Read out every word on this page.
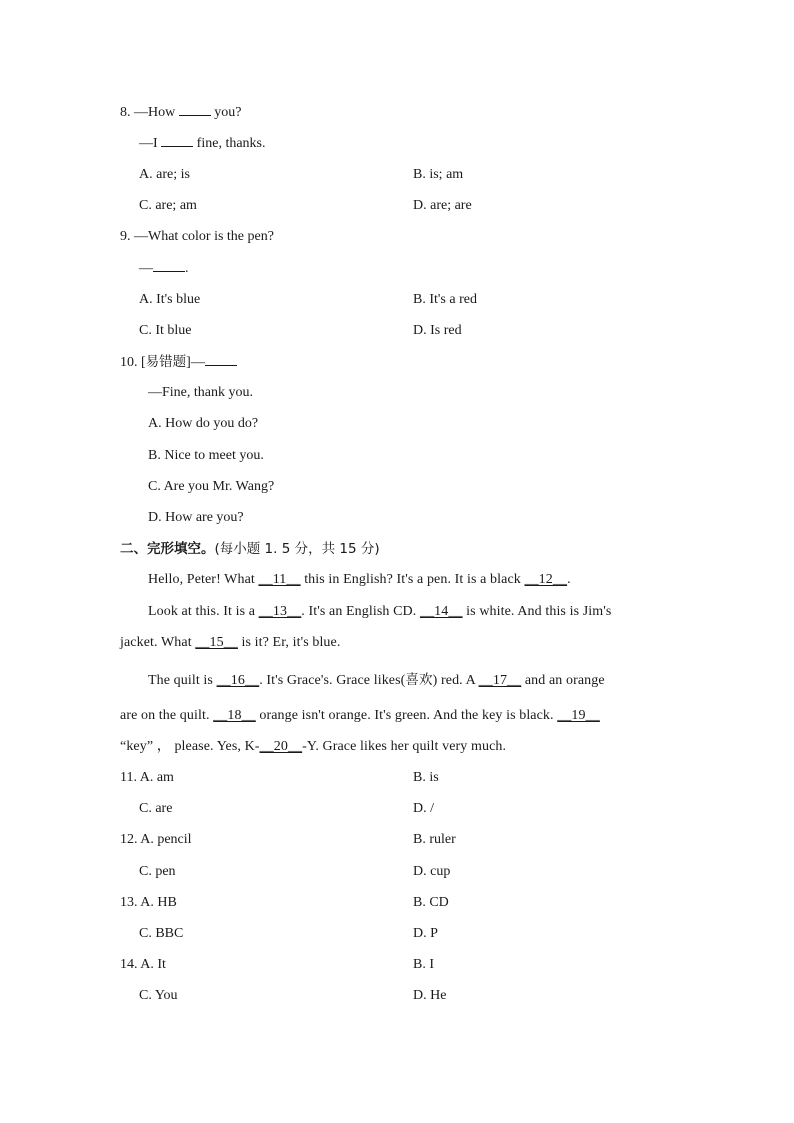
8. —How  you?
—I  fine, thanks.
A. are; is	B. is; am
C. are; am	D. are; are
9. —What color is the pen?
— .
A. It's blue	B. It's a red
C. It blue	D. Is red
10. [易错题]—
—Fine, thank you.
A. How do you do?
B. Nice to meet you.
C. Are you Mr. Wang?
D. How are you?
二、完形填空。(每小题 1. 5 分，共 15 分)
Hello, Peter! What __11__ this in English? It's a pen. It is a black __12__.
Look at this. It is a __13__. It's an English CD. __14__ is white. And this is Jim's
jacket. What __15__ is it? Er, it's blue.
The quilt is __16__. It's Grace's. Grace likes(喜欢) red. A __17__ and an orange
are on the quilt. __18__ orange isn't orange. It's green. And the key is black. __19__
“key” ， please. Yes, K-__20__-Y. Grace likes her quilt very much.
11. A. am	B. is
C. are	D. /
12. A. pencil	B. ruler
C. pen	D. cup
13. A. HB	B. CD
C. BBC	D. P
14. A. It	B. I
C. You	D. He
